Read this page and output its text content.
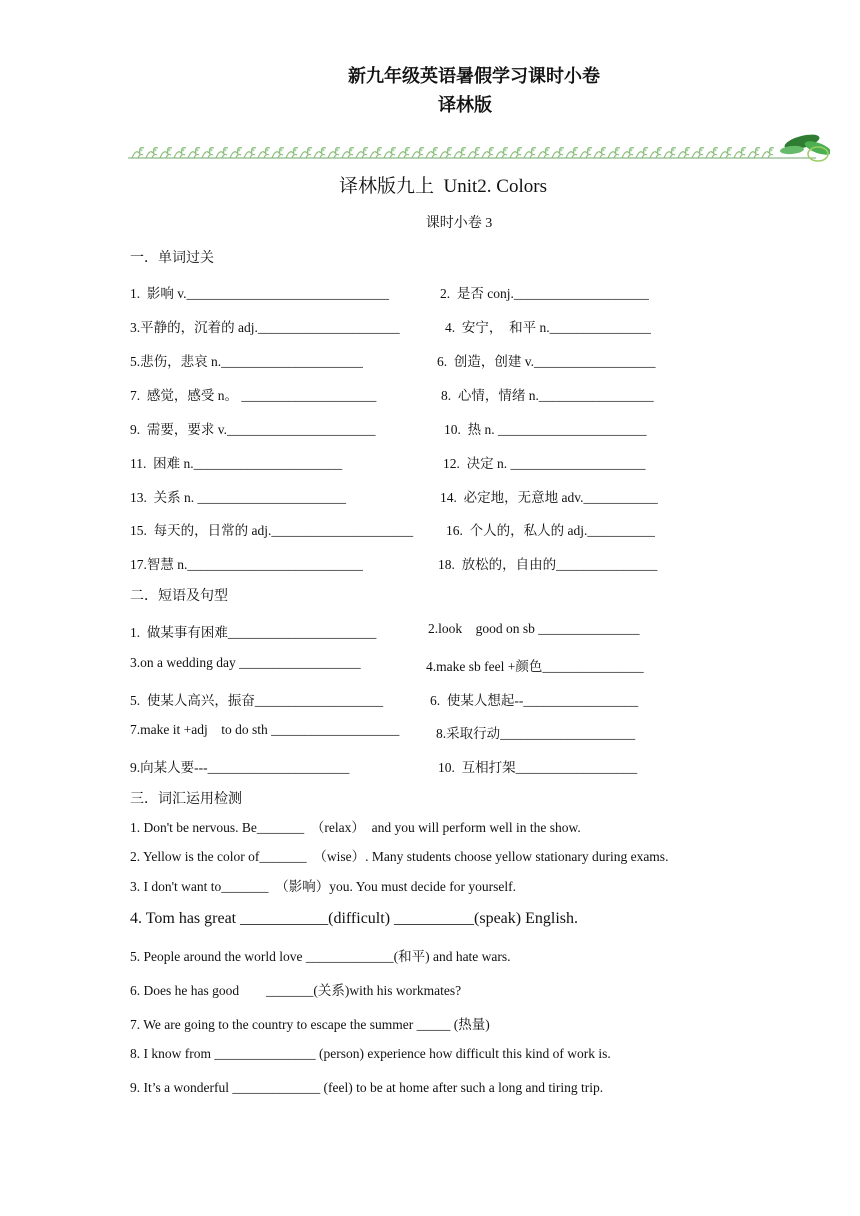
新九年级英语暑假学习课时小卷
译林版
译林版九上  Unit2. Colors
课时小卷 3
一．单词过关
1.  影响 v.______________________________	2.  是否 conj.____________________
3.平静的，沉着的 adj._____________________	4.  安宁，  和平 n._______________
5.悲伤，悲哀 n._____________________	6.  创造，创建 v.__________________
7.  感觉，感受 n。 ____________________	8.  心情，情绪 n._________________
9.  需要，要求 v.______________________	10.  热 n. ______________________
11.  困难 n.______________________	12.  决定 n. ____________________
13.  关系 n. ______________________	14.  必定地，无意地 adv.___________
15.  每天的，日常的 adj._____________________ 16.  个人的，私人的 adj.__________
17.智慧 n.__________________________	18.  放松的，自由的_______________
二．短语及句型
1.  做某事有困难______________________	2.look    good on sb _______________
3.on a wedding day __________________	4.make sb feel +颜色_______________
5.  使某人高兴，振奋___________________	6.  使某人想起--_________________
7.make it +adj    to do sth ___________________	8.采取行动____________________
9.向某人要---_____________________	10.  互相打架__________________
三．词汇运用检测
1. Don't be nervous. Be_______  （relax）  and you will perform well in the show.
2. Yellow is the color of_______  （wise）. Many students choose yellow stationary during exams.
3. I don't want to_______  （影响）you. You must decide for yourself.
4. Tom has great ___________(difficult) __________(speak) English.
5. People around the world love _____________(和平) and hate wars.
6. Does he has good        _______(关系)with his workmates?
7. We are going to the country to escape the summer _____ (热量)
8. I know from _______________ (person) experience how difficult this kind of work is.
9. It’s a wonderful _____________ (feel) to be at home after such a long and tiring trip.
